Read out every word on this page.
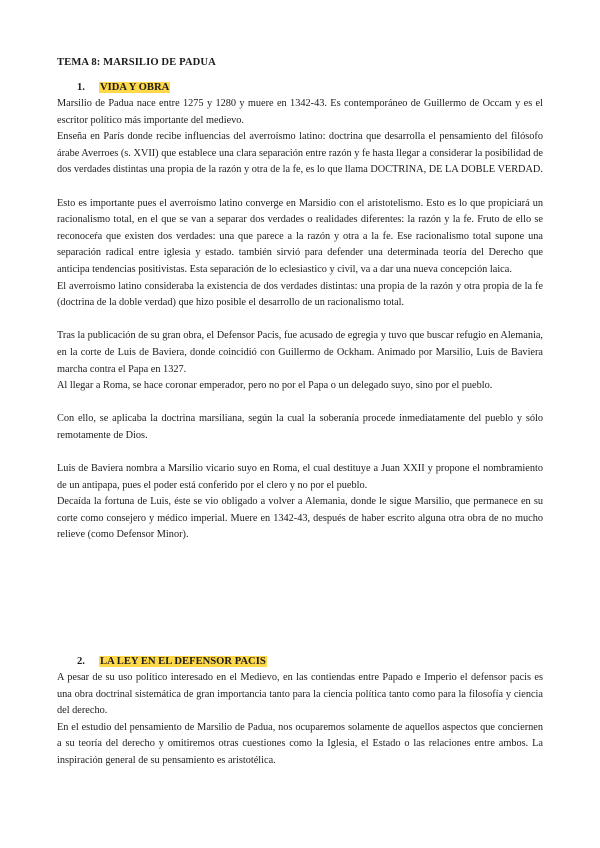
TEMA 8: MARSILIO DE PADUA
1.	VIDA Y OBRA

Marsilio de Padua nace entre 1275 y 1280 y muere en 1342-43. Es contemporáneo de Guillermo de Occam y es el escritor político más importante del medievo.

Enseña en París donde recibe influencias del averroísmo latino: doctrina que desarrolla el pensamiento del filósofo árabe Averroes (s. XVII) que establece una clara separación entre razón y fe hasta llegar a considerar la posibilidad de dos verdades distintas una propia de la razón y otra de la fe, es lo que llama DOCTRINA, DE LA DOBLE VERDAD.

Esto es importante pues el averroísmo latino converge en Marsidio con el aristotelismo. Esto es lo que propiciará un racionalismo total, en el que se van a separar dos verdades o realidades diferentes: la razón y la fe. Fruto de ello se reconoceŕa que existen dos verdades: una que parece a la razón y otra a la fe. Ese racionalismo total supone una separación radical entre iglesia y estado. también sirvió para defender una determinada teoría del Derecho que anticipa tendencias positivistas. Esta separación de lo eclesiastico y civil, va a dar una nueva concepción laica.

El averroismo latino consideraba la existencia de dos verdades distintas: una propia de la razón y otra propia de la fe (doctrina de la doble verdad) que hizo posible el desarrollo de un racionalismo total.

Tras la publicación de su gran obra, el Defensor Pacis, fue acusado de egregia y tuvo que buscar refugio en Alemania, en la corte de Luis de Baviera, donde coincidió con Guillermo de Ockham. Animado por Marsilio, Luis de Baviera marcha contra el Papa en 1327.

Al llegar a Roma, se hace coronar emperador, pero no por el Papa o un delegado suyo, sino por el pueblo.

Con ello, se aplicaba la doctrina marsiliana, según la cual la soberanía procede inmediatamente del pueblo y sólo remotamente de Dios.

Luis de Baviera nombra a Marsilio vicario suyo en Roma, el cual destituye a Juan XXII y propone el nombramiento de un antipapa, pues el poder está conferido por el clero y no por el pueblo.

Decaída la fortuna de Luis, éste se vio obligado a volver a Alemania, donde le sigue Marsilio, que permanece en su corte como consejero y médico imperial. Muere en 1342-43, después de haber escrito alguna otra obra de no mucho relieve (como Defensor Minor).

2.	LA LEY EN EL DEFENSOR PACIS

A pesar de su uso político interesado en el Medievo, en las contiendas entre Papado e Imperio el defensor pacis es una obra doctrinal sistemática de gran importancia tanto para la ciencia política tanto como para la filosofía y ciencia del derecho.

En el estudio del pensamiento de Marsilio de Padua, nos ocuparemos solamente de aquellos aspectos que conciernen a su teoría del derecho y omitiremos otras cuestiones como la Iglesia, el Estado o las relaciones entre ambos. La inspiración general de su pensamiento es aristotélica.
